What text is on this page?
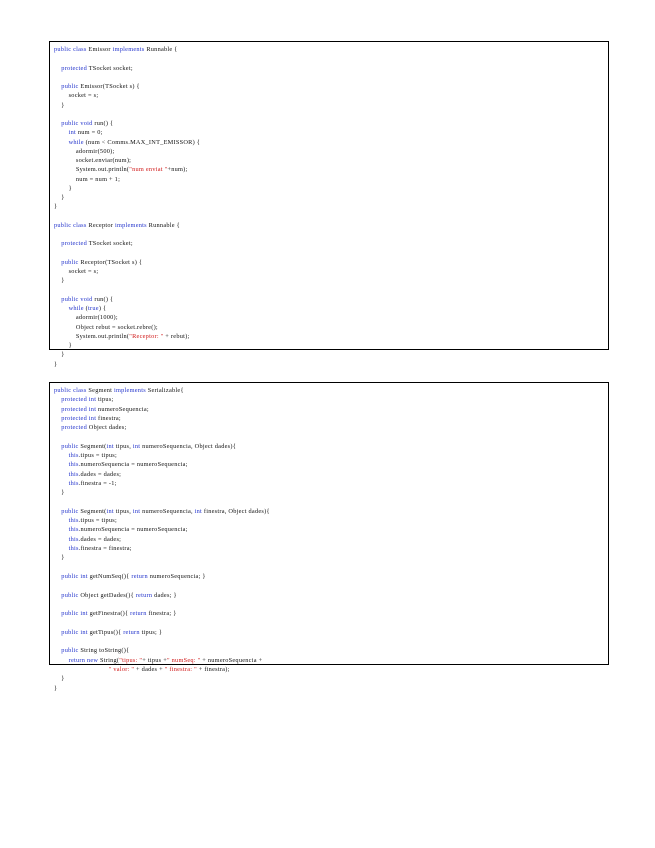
public class Emissor implements Runnable {

protected TSocket socket;

public Emissor(TSocket s) {
socket = s;
}

public void run() {
int num = 0;
while (num < Comms.MAX_INT_EMISSOR) {
adormir(500);
socket.enviar(num);
System.out.println("num enviat "+num);
num = num + 1;
}
}
}

public class Receptor implements Runnable {

protected TSocket socket;

public Receptor(TSocket s) {
socket = s;
}

public void run() {
while (true) {
adormir(1000);
Object rebut = socket.rebre();
System.out.println("Receptor: " + rebut);
}
}
}
public class Segment implements Serializable{
protected int tipus;
protected int numeroSequencia;
protected int finestra;
protected Object dades;

public Segment(int tipus, int numeroSequencia, Object dades){
this.tipus = tipus;
this.numeroSequencia = numeroSequencia;
this.dades = dades;
this.finestra = -1;
}

public Segment(int tipus, int numeroSequencia, int finestra, Object dades){
this.tipus = tipus;
this.numeroSequencia = numeroSequencia;
this.dades = dades;
this.finestra = finestra;
}

public int getNumSeq(){ return numeroSequencia; }

public Object getDades(){ return dades; }

public int getFinestra(){ return finestra; }

public int getTipus(){ return tipus; }

public String toString(){
return new String("tipus: "+ tipus +" numSeq: " + numeroSequencia +
" valor: " + dades + " finestra: " + finestra);
}
}
